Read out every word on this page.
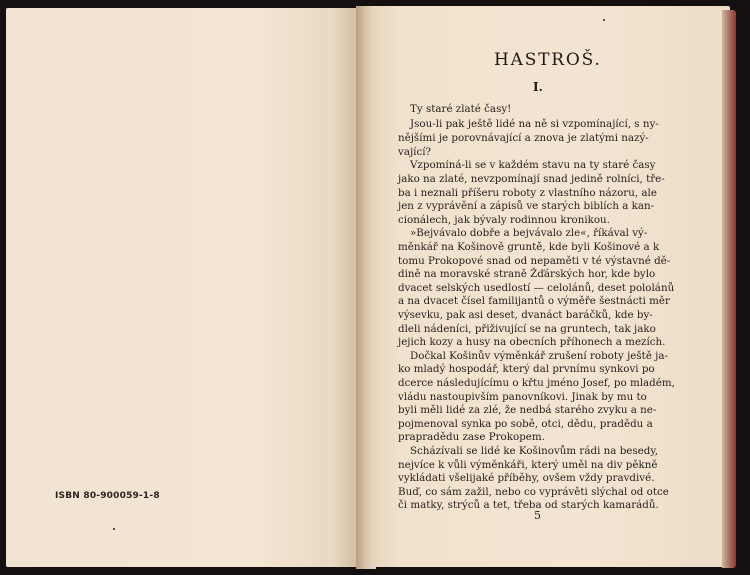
ISBN 80-900059-1-8
HASTROŠ.
I.
Ty staré zlaté časy!
Jsou-li pak ještě lidé na ně si vzpomínající, s ny-
nějšími je porovnávající a znova je zlatými nazý-
vající?
Vzpomíná-li se v každém stavu na ty staré časy
jako na zlaté, nevzpomínají snad jedině rolníci, tře-
ba i neznali příšeru roboty z vlastního názoru, ale
jen z vyprávění a zápisů ve starých biblích a kan-
cionálech, jak bývaly rodinnou kronikou.
»Bejvávalo dobře a bejvávalo zle«, říkával vý-
měnkář na Košinově gruntě, kde byli Košinové a k
tomu Prokopové snad od nepaměti v té výstavné dě-
dině na moravské straně Žďárských hor, kde bylo
dvacet selských usedlostí — celolánů, deset pololánů
a na dvacet čísel familijantů o výměře šestnácti měr
výsevku, pak asi deset, dvanáct baráčků, kde by-
dleli nádeníci, přiživující se na gruntech, tak jako
jejich kozy a husy na obecních příhonech a mezích.
Dočkal Košinův výměnkář zrušení roboty ještě ja-
ko mladý hospodář, který dal prvnímu synkovi po
dcerce následujícímu o křtu jméno Josef, po mladém,
vládu nastoupivším panovníkovi. Jinak by mu to
byli měli lidé za zlé, že nedbá starého zvyku a ne-
pojmenoval synka po sobě, otci, dědu, pradědu a
prapradědu zase Prokopem.
Scházívali se lidé ke Košinovům rádi na besedy,
nejvíce k vůli výměnkáři, který uměl na div pěkně
vykládati všelijaké příběhy, ovšem vždy pravdivé.
Buď, co sám zažil, nebo co vyprávěti slýchal od otce
či matky, strýců a tet, třeba od starých kamarádů.
5
